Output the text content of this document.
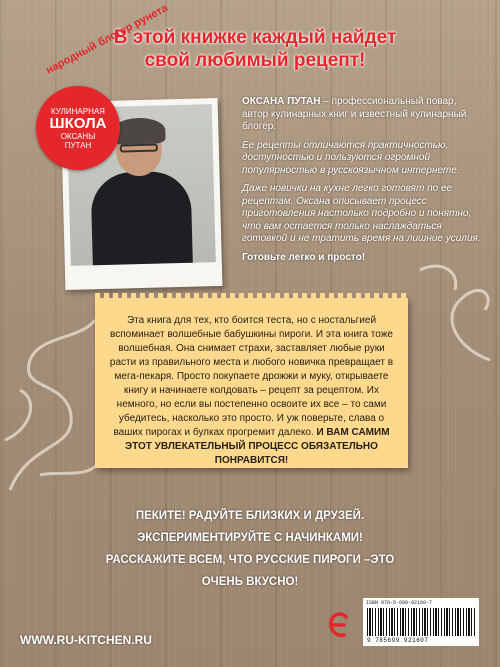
В этой книжке каждый найдет
свой любимый рецепт!
народный блогер рунета
КУЛИНАРНАЯ
ШКОЛА
ОКСАНЫ
ПУТАН

ОКСАНА ПУТАН – профессиональный повар, автор кулинарных книг и известный кулинарный блогер.

Ее рецепты отличаются практичностью, доступностью и пользуются огромной популярностью в русскоязычном интернете.

Даже новички на кухне легко готовят по ее рецептам. Оксана описывает процесс приготовления настолько подробно и понятно, что вам остается только наслаждаться готовкой и не тратить время на лишние усилия.

Готовьте легко и просто!

Эта книга для тех, кто боится теста, но с ностальгией вспоминает волшебные бабушкины пироги. И эта книга тоже волшебная. Она снимает страхи, заставляет любые руки расти из правильного места и любого новичка превращает в мега-пекаря. Просто покупаете дрожжи и муку, открываете книгу и начинаете колдовать – рецепт за рецептом. Их немного, но если вы постепенно освоите их все – то сами убедитесь, насколько это просто. И уж поверьте, слава о ваших пирогах и булках прогремит далеко. И ВАМ САМИМ ЭТОТ УВЛЕКАТЕЛЬНЫЙ ПРОЦЕСС ОБЯЗАТЕЛЬНО ПОНРАВИТСЯ!
ПЕКИТЕ! РАДУЙТЕ БЛИЗКИХ И ДРУЗЕЙ.
ЭКСПЕРИМЕНТИРУЙТЕ С НАЧИНКАМИ!
РАССКАЖИТЕ ВСЕМ, ЧТО РУССКИЕ ПИРОГИ –ЭТО
ОЧЕНЬ ВКУСНО!
WWW.RU-KITCHEN.RU
ISBN 978-5-699-92160-7
9 785699 921607
